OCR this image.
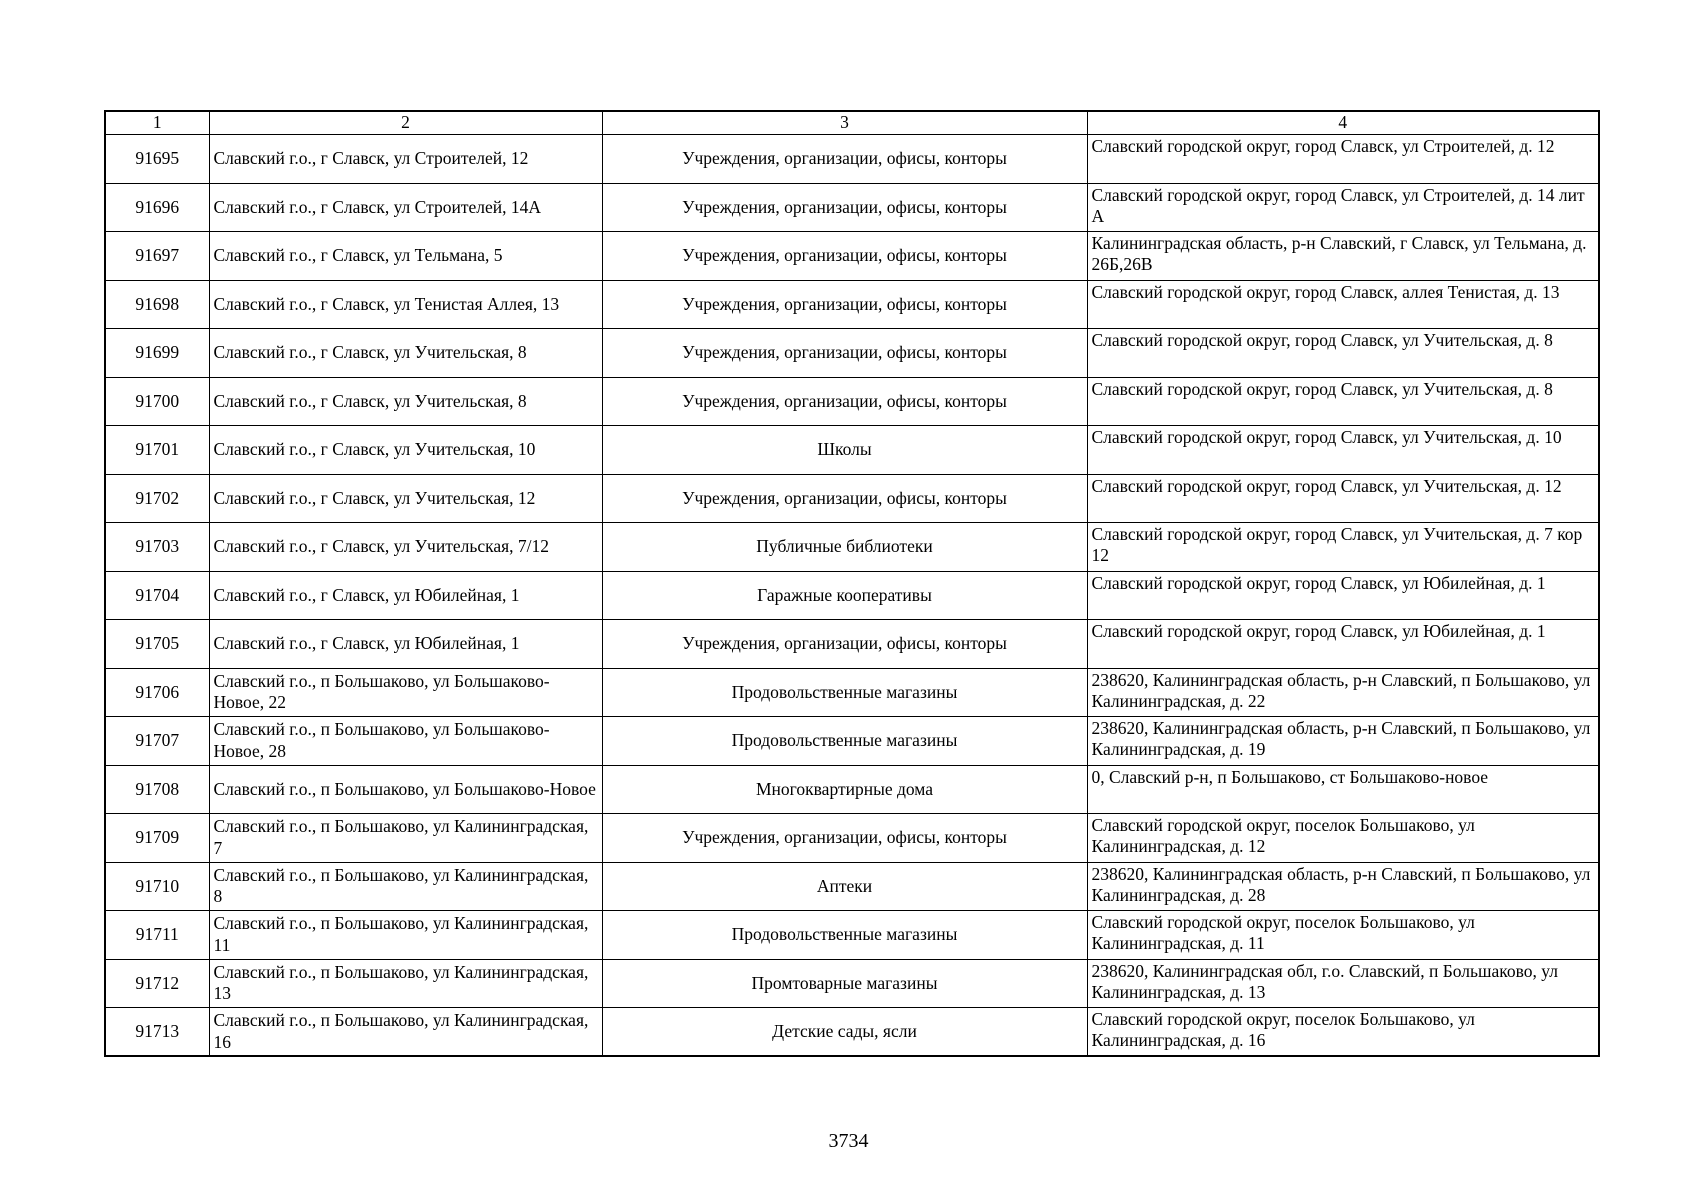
1	2	3	4
91695	Славский г.о., г Славск, ул Строителей, 12	Учреждения, организации, офисы, конторы	Славский городской округ, город Славск, ул Строителей, д. 12
91696	Славский г.о., г Славск, ул Строителей, 14А	Учреждения, организации, офисы, конторы	Славский городской округ, город Славск, ул Строителей, д. 14 лит А
91697	Славский г.о., г Славск, ул Тельмана, 5	Учреждения, организации, офисы, конторы	Калининградская область, р-н Славский, г Славск, ул Тельмана, д. 26Б,26В
91698	Славский г.о., г Славск, ул Тенистая Аллея, 13	Учреждения, организации, офисы, конторы	Славский городской округ, город Славск, аллея Тенистая, д. 13
91699	Славский г.о., г Славск, ул Учительская, 8	Учреждения, организации, офисы, конторы	Славский городской округ, город Славск, ул Учительская, д. 8
91700	Славский г.о., г Славск, ул Учительская, 8	Учреждения, организации, офисы, конторы	Славский городской округ, город Славск, ул Учительская, д. 8
91701	Славский г.о., г Славск, ул Учительская, 10	Школы	Славский городской округ, город Славск, ул Учительская, д. 10
91702	Славский г.о., г Славск, ул Учительская, 12	Учреждения, организации, офисы, конторы	Славский городской округ, город Славск, ул Учительская, д. 12
91703	Славский г.о., г Славск, ул Учительская, 7/12	Публичные библиотеки	Славский городской округ, город Славск, ул Учительская, д. 7 кор 12
91704	Славский г.о., г Славск, ул Юбилейная, 1	Гаражные кооперативы	Славский городской округ, город Славск, ул Юбилейная, д. 1
91705	Славский г.о., г Славск, ул Юбилейная, 1	Учреждения, организации, офисы, конторы	Славский городской округ, город Славск, ул Юбилейная, д. 1
91706	Славский г.о., п Большаково, ул Большаково-Новое, 22	Продовольственные магазины	238620, Калининградская область, р-н Славский, п Большаково, ул Калининградская, д. 22
91707	Славский г.о., п Большаково, ул Большаково-Новое, 28	Продовольственные магазины	238620, Калининградская область, р-н Славский, п Большаково, ул Калининградская, д. 19
91708	Славский г.о., п Большаково, ул Большаково-Новое	Многоквартирные дома	0, Славский р-н, п Большаково, ст Большаково-новое
91709	Славский г.о., п Большаково, ул Калининградская, 7	Учреждения, организации, офисы, конторы	Славский городской округ, поселок Большаково, ул Калининградская, д. 12
91710	Славский г.о., п Большаково, ул Калининградская, 8	Аптеки	238620, Калининградская область, р-н Славский, п Большаково, ул Калининградская, д. 28
91711	Славский г.о., п Большаково, ул Калининградская, 11	Продовольственные магазины	Славский городской округ, поселок Большаково, ул Калининградская, д. 11
91712	Славский г.о., п Большаково, ул Калининградская, 13	Промтоварные магазины	238620, Калининградская обл, г.о. Славский, п Большаково, ул Калининградская, д. 13
91713	Славский г.о., п Большаково, ул Калининградская, 16	Детские сады, ясли	Славский городской округ, поселок Большаково, ул Калининградская, д. 16
3734
